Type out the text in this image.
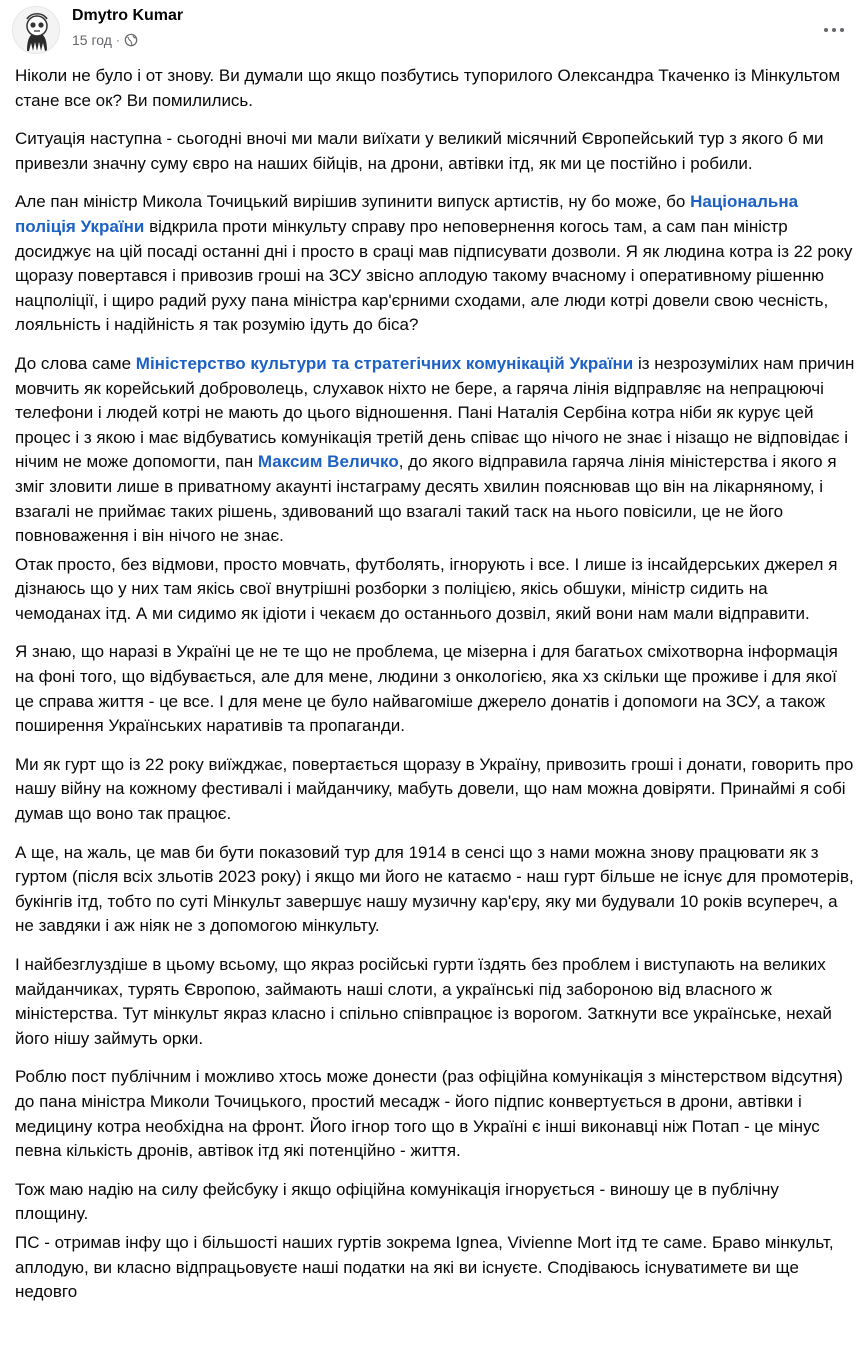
Dmytro Kumar
15 год ·

Ніколи не було і от знову. Ви думали що якщо позбутись тупорилого Олександра Ткаченко із Мінкультом стане все ок? Ви помилились.

Ситуація наступна - сьогодні вночі ми мали виїхати у великий місячний Європейський тур з якого б ми привезли значну суму євро на наших бійців, на дрони, автівки ітд, як ми це постійно і робили.

Але пан міністр Микола Точицький вирішив зупинити випуск артистів, ну бо може, бо Національна поліція України відкрила проти мінкульту справу про неповернення когось там, а сам пан міністр досиджує на цій посаді останні дні і просто в сраці мав підписувати дозволи. Я як людина котра із 22 року щоразу повертався і привозив гроші на ЗСУ звісно аплодую такому вчасному і оперативному рішенню нацполіції, і щиро радий руху пана міністра кар'єрними сходами, але люди котрі довели свою чесність, лояльність і надійність я так розумію ідуть до біса?

До слова саме Міністерство культури та стратегічних комунікацій України із незрозумілих нам причин мовчить як корейський доброволець, слухавок ніхто не бере, а гаряча лінія відправляє на непрацюючі телефони і людей котрі не мають до цього відношення. Пані Наталія Сербіна котра ніби як курує цей процес і з якою і має відбуватись комунікація третій день співає що нічого не знає і нізащо не відповідає і нічим не може допомогти, пан Максим Величко, до якого відправила гаряча лінія міністерства і якого я зміг зловити лише в приватному акаунті інстаграму десять хвилин пояснював що він на лікарняному, і взагалі не приймає таких рішень, здивований що взагалі такий таск на нього повісили, це не його повноваження і він нічого не знає.

Отак просто, без відмови, просто мовчать, футболять, ігнорують і все. І лише із інсайдерських джерел я дізнаюсь що у них там якісь свої внутрішні розборки з поліцією, якісь обшуки, міністр сидить на чемоданах ітд. А ми сидимо як ідіоти і чекаєм до останнього дозвіл, який вони нам мали відправити.

Я знаю, що наразі в Україні це не те що не проблема, це мізерна і для багатьох сміхотворна інформація на фоні того, що відбувається, але для мене, людини з онкологією, яка хз скільки ще проживе і для якої це справа життя - це все. І для мене це було найвагоміше джерело донатів і допомоги на ЗСУ, а також поширення Українських наративів та пропаганди.

Ми як гурт що із 22 року виїжджає, повертається щоразу в Україну, привозить гроші і донати, говорить про нашу війну на кожному фестивалі і майданчику, мабуть довели, що нам можна довіряти. Принаймі я собі думав що воно так працює.

А ще, на жаль, це мав би бути показовий тур для 1914 в сенсі що з нами можна знову працювати як з гуртом (після всіх зльотів 2023 року) і якщо ми його не катаємо - наш гурт більше не існує для промотерів, букінгів ітд, тобто по суті Мінкульт завершує нашу музичну кар'єру, яку ми будували 10 років всупереч, а не завдяки і аж ніяк не з допомогою мінкульту.

І найбезглуздіше в цьому всьому, що якраз російські гурти їздять без проблем і виступають на великих майданчиках, турять Європою, займають наші слоти, а українські під забороною від власного ж міністерства. Тут мінкульт якраз класно і спільно співпрацює із ворогом. Заткнути все українське, нехай його нішу займуть орки.

Роблю пост публічним і можливо хтось може донести (раз офіційна комунікація з мінстерством відсутня) до пана міністра Миколи Точицького, простий месадж - його підпис конвертується в дрони, автівки і медицину котра необхідна на фронт. Його ігнор того що в Україні є інші виконавці ніж Потап - це мінус певна кількість дронів, автівок ітд які потенційно - життя.

Тож маю надію на силу фейсбуку і якщо офіційна комунікація ігнорується - виношу це в публічну площину.

ПС - отримав інфу що і більшості наших гуртів зокрема Ignea, Vivienne Mort ітд те саме. Браво мінкульт, аплодую, ви класно відпрацьовуєте наші податки на які ви існуєте. Сподіваюсь існуватимете ви ще недовго
